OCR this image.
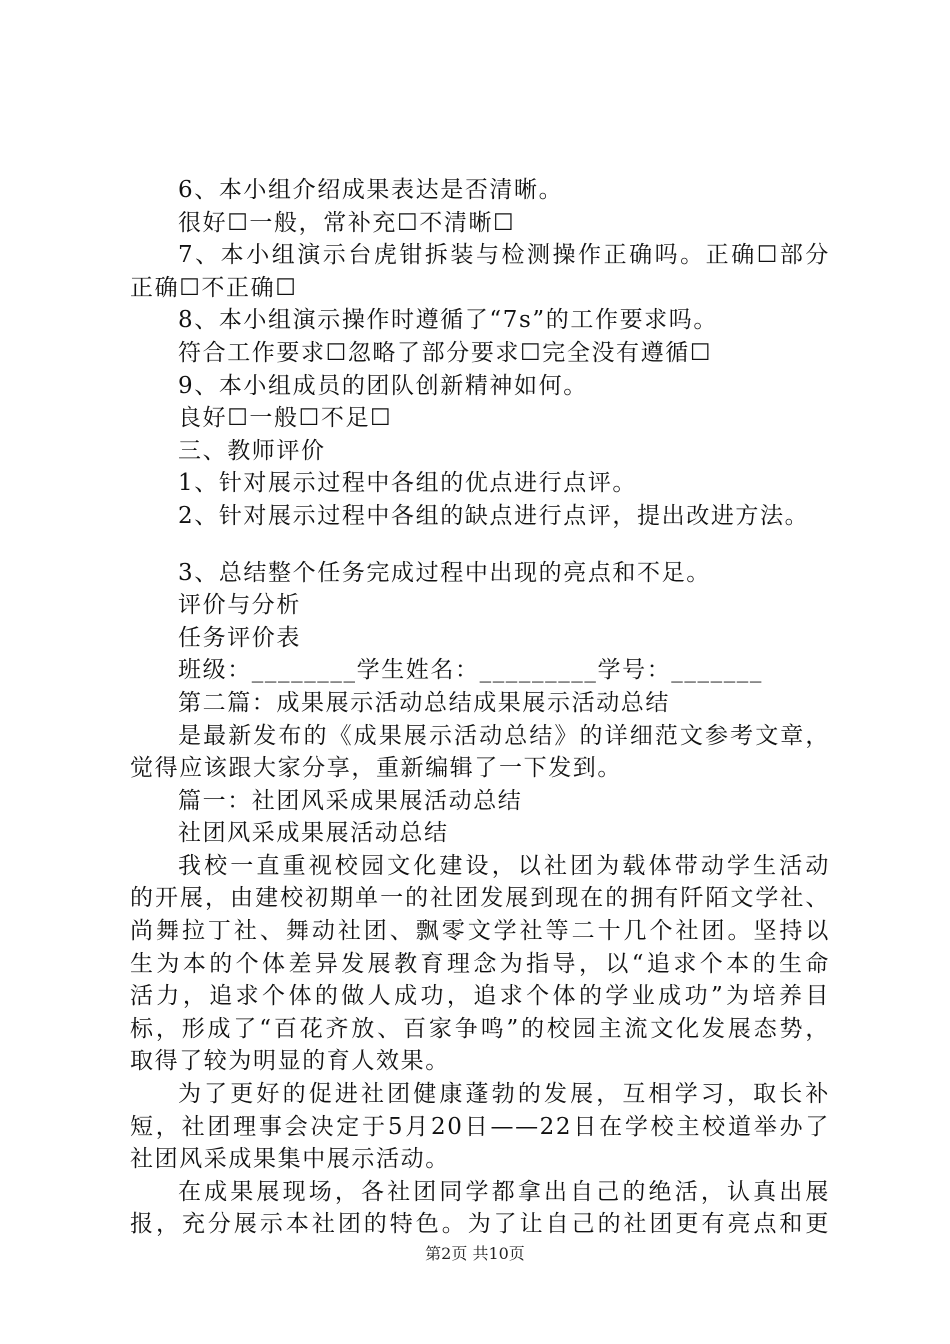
6、本小组介绍成果表达是否清晰。
很好☐一般，常补充☐不清晰☐
7、本小组演示台虎钳拆装与检测操作正确吗。正确☐部分
正确☐不正确☐
8、本小组演示操作时遵循了“7s”的工作要求吗。
符合工作要求☐忽略了部分要求☐完全没有遵循☐
9、本小组成员的团队创新精神如何。
良好☐一般☐不足☐
三、教师评价
1、针对展示过程中各组的优点进行点评。
2、针对展示过程中各组的缺点进行点评，提出改进方法。
3、总结整个任务完成过程中出现的亮点和不足。
评价与分析
任务评价表
班级：________学生姓名：_________学号：_______
第二篇：成果展示活动总结成果展示活动总结
是最新发布的《成果展示活动总结》的详细范文参考文章，
觉得应该跟大家分享，重新编辑了一下发到。
篇一：社团风采成果展活动总结
社团风采成果展活动总结
我校一直重视校园文化建设，以社团为载体带动学生活动
的开展，由建校初期单一的社团发展到现在的拥有阡陌文学社、
尚舞拉丁社、舞动社团、飘零文学社等二十几个社团。坚持以
生为本的个体差异发展教育理念为指导，以“追求个本的生命
活力，追求个体的做人成功，追求个体的学业成功”为培养目
标，形成了“百花齐放、百家争鸣”的校园主流文化发展态势，
取得了较为明显的育人效果。
为了更好的促进社团健康蓬勃的发展，互相学习，取长补
短，社团理事会决定于5月20日——22日在学校主校道举办了
社团风采成果集中展示活动。
在成果展现场，各社团同学都拿出自己的绝活，认真出展
报，充分展示本社团的特色。为了让自己的社团更有亮点和更
第2页 共10页
